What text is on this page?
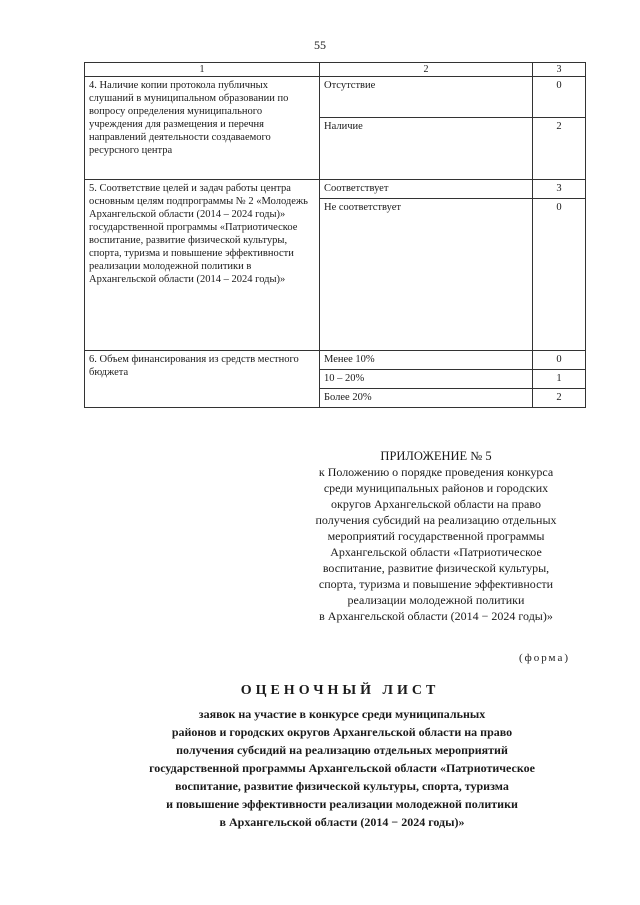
55
1	2	3
4. Наличие копии протокола публичных слушаний в муниципальном образовании по вопросу определения муниципального учреждения для размещения и перечня направлений деятельности создаваемого ресурсного центра	Отсутствие	0
	Наличие	2
5. Соответствие целей и задач работы центра основным целям подпрограммы № 2 «Молодежь Архангельской области (2014 – 2024 годы)» государственной программы «Патриотическое воспитание, развитие физической культуры, спорта, туризма и повышение эффективности реализации молодежной политики в Архангельской области (2014 – 2024 годы)»	Соответствует	3
	Не соответствует	0
6. Объем финансирования из средств местного бюджета	Менее 10%	0
	10 – 20%	1
	Более 20%	2
ПРИЛОЖЕНИЕ № 5
к Положению о порядке проведения конкурса
среди муниципальных районов и городских
округов Архангельской области на право
получения субсидий на реализацию отдельных
мероприятий государственной программы
Архангельской области «Патриотическое
воспитание, развитие физической культуры,
спорта, туризма и повышение эффективности
реализации молодежной политики
в Архангельской области (2014 − 2024 годы)»
(форма)
ОЦЕНОЧНЫЙ ЛИСТ
заявок на участие в конкурсе среди муниципальных
районов и городских округов Архангельской области на право
получения субсидий на реализацию отдельных мероприятий
государственной программы Архангельской области «Патриотическое
воспитание, развитие физической культуры, спорта, туризма
и повышение эффективности реализации молодежной политики
в Архангельской области (2014 − 2024 годы)»
